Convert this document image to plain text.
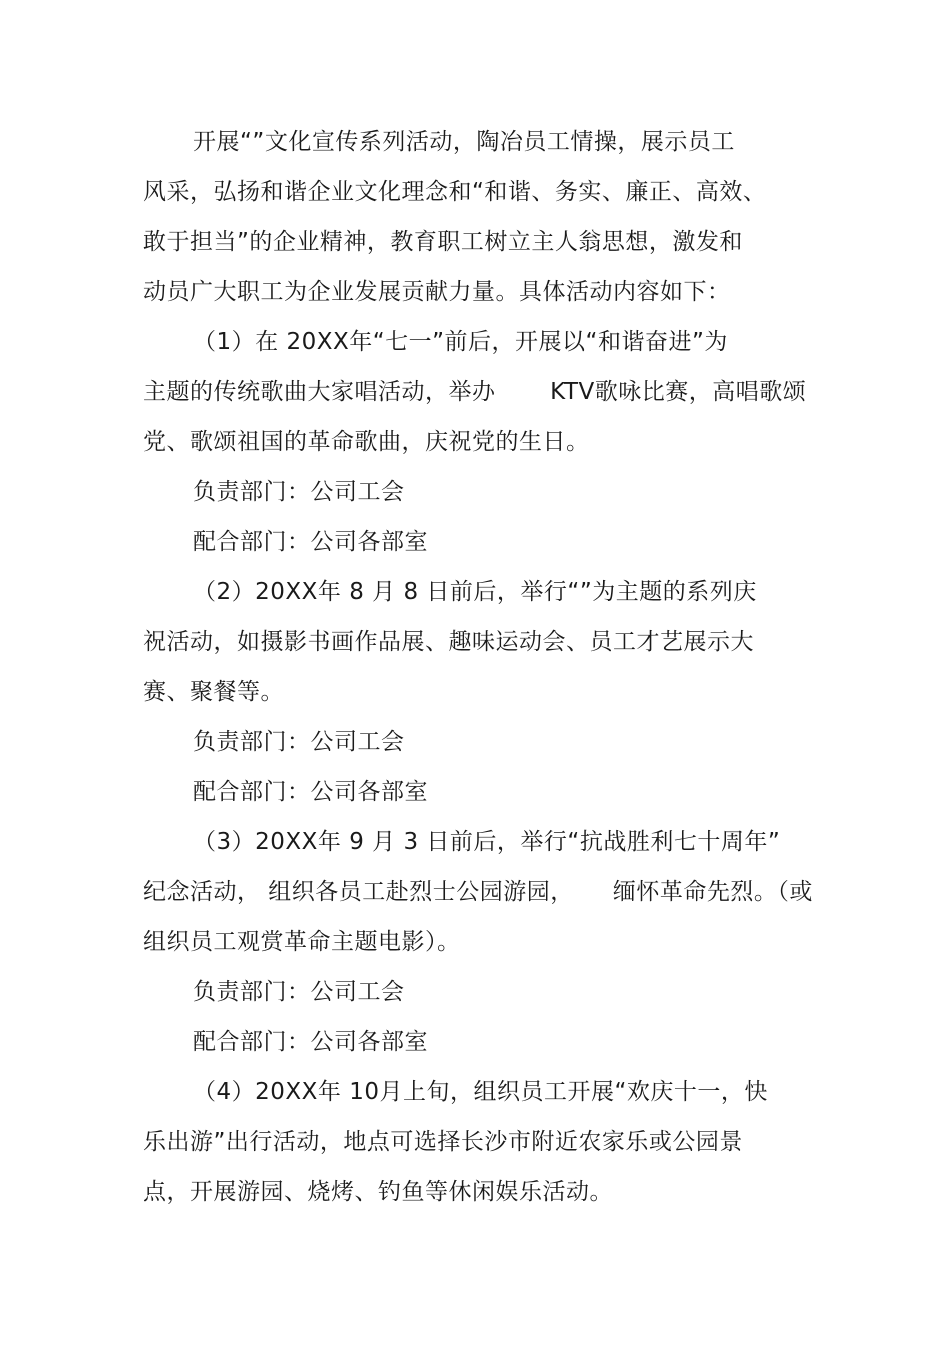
开展“”文化宣传系列活动，陶冶员工情操，展示员工
风采，弘扬和谐企业文化理念和“和谐、务实、廉正、高效、
敢于担当”的企业精神，教育职工树立主人翁思想，激发和
动员广大职工为企业发展贡献力量。具体活动内容如下：
（1）在 20XX年“七一”前后，开展以“和谐奋进”为
主题的传统歌曲大家唱活动，举办       KTV歌咏比赛，高唱歌颂
党、歌颂祖国的革命歌曲，庆祝党的生日。
负责部门：公司工会
配合部门：公司各部室
（2）20XX年 8 月 8 日前后，举行“”为主题的系列庆
祝活动，如摄影书画作品展、趣味运动会、员工才艺展示大
赛、聚餐等。
负责部门：公司工会
配合部门：公司各部室
（3）20XX年 9 月 3 日前后，举行“抗战胜利七十周年”
纪念活动， 组织各员工赴烈士公园游园，     缅怀革命先烈。（或
组织员工观赏革命主题电影）。
负责部门：公司工会
配合部门：公司各部室
（4）20XX年 10月上旬，组织员工开展“欢庆十一，快
乐出游”出行活动，地点可选择长沙市附近农家乐或公园景
点，开展游园、烧烤、钓鱼等休闲娱乐活动。
